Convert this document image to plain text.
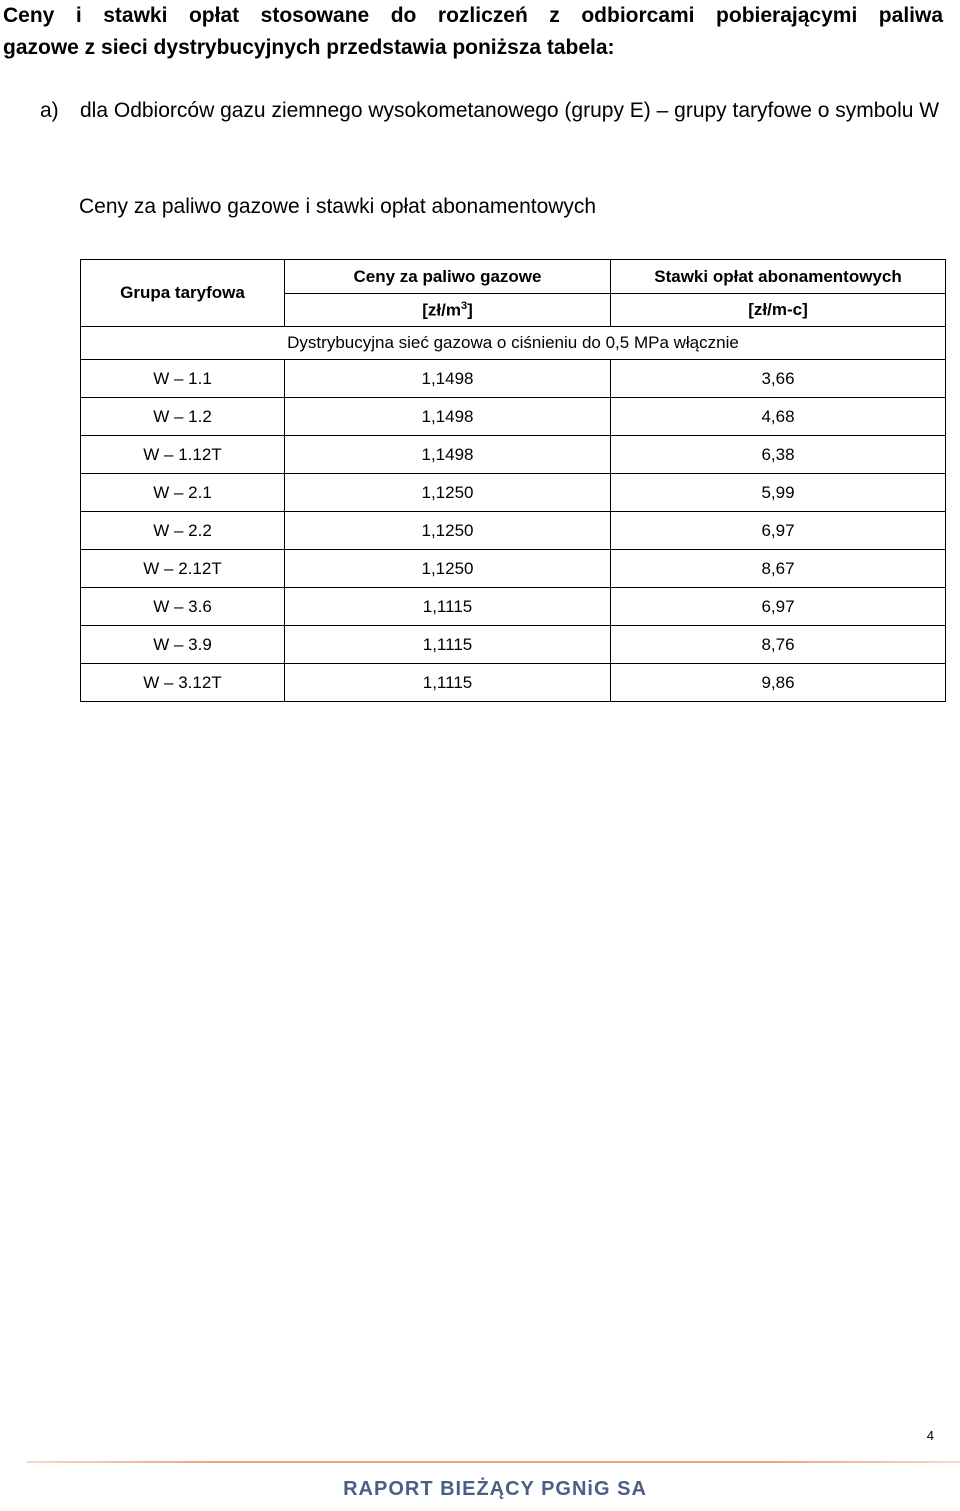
Ceny i stawki opłat stosowane do rozliczeń z odbiorcami pobierającymi paliwa
gazowe z sieci dystrybucyjnych przedstawia poniższa tabela:
a) dla Odbiorców gazu ziemnego wysokometanowego (grupy E) – grupy taryfowe o symbolu W
Ceny za paliwo gazowe i stawki opłat abonamentowych
Grupa taryfowa	Ceny za paliwo gazowe	Stawki opłat abonamentowych
	$[zł/m^3]$	[zł/m-c]
Dystrybucyjna sieć gazowa o ciśnieniu do 0,5 MPa włącznie		
W – 1.1	1,1498	3,66
W – 1.2	1,1498	4,68
W – 1.12T	1,1498	6,38
W – 2.1	1,1250	5,99
W – 2.2	1,1250	6,97
W – 2.12T	1,1250	8,67
W – 3.6	1,1115	6,97
W – 3.9	1,1115	8,76
W – 3.12T	1,1115	9,86
4
RAPORT BIEŻĄCY PGNiG SA
